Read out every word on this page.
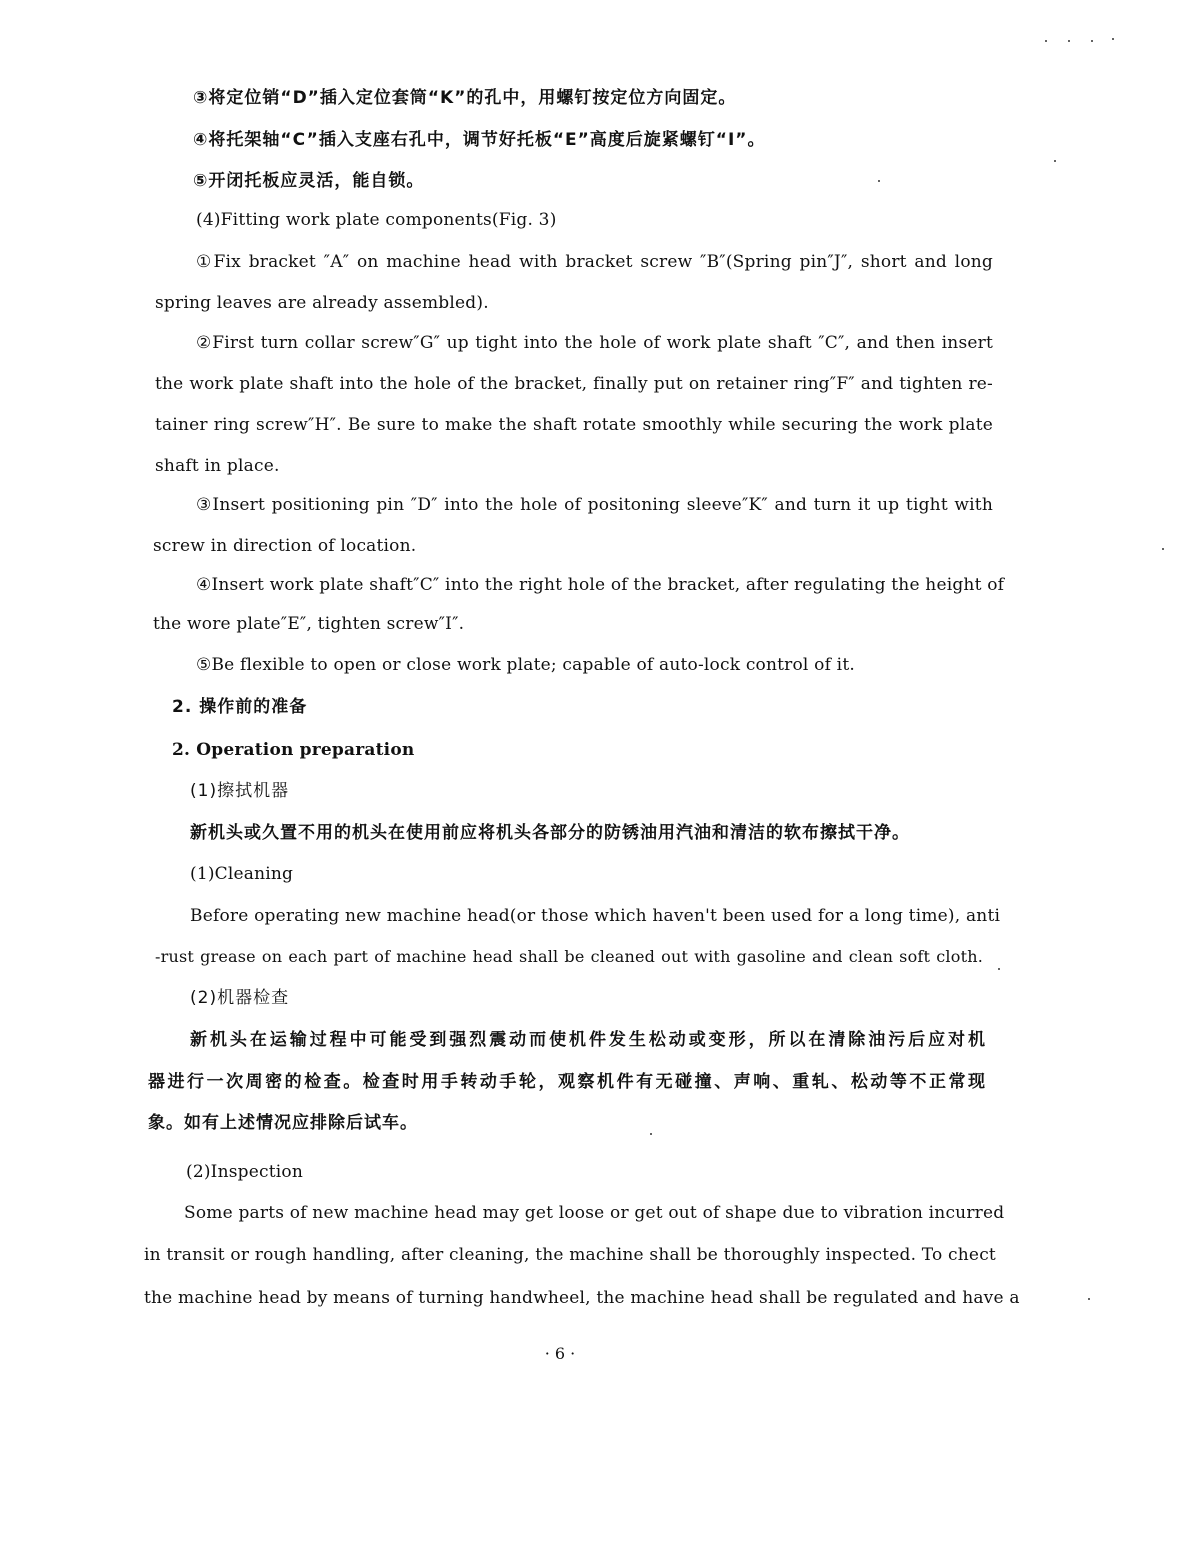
③将定位销“D”插入定位套筒“K”的孔中，用螺钉按定位方向固定。
④将托架轴“C”插入支座右孔中，调节好托板“E”高度后旋紧螺钉“I”。
⑤开闭托板应灵活，能自锁。
(4)Fitting work plate components(Fig. 3)
①Fix bracket ″A″ on machine head with bracket screw ″B″(Spring pin″J″, short and long
spring leaves are already assembled).
②First turn collar screw″G″ up tight into the hole of work plate shaft ″C″, and then insert
the work plate shaft into the hole of the bracket, finally put on retainer ring″F″ and tighten re-
tainer ring screw″H″. Be sure to make the shaft rotate smoothly while securing the work plate
shaft in place.
③Insert positioning pin ″D″ into the hole of positoning sleeve″K″ and turn it up tight with
screw in direction of location.
④Insert work plate shaft″C″ into the right hole of the bracket, after regulating the height of
the wore plate″E″, tighten screw″I″.
⑤Be flexible to open or close work plate; capable of auto-lock control of it.
2. 操作前的准备
2. Operation preparation
(1)擦拭机器
新机头或久置不用的机头在使用前应将机头各部分的防锈油用汽油和清洁的软布擦拭干净。
(1)Cleaning
Before operating new machine head(or those which haven't been used for a long time), anti
-rust grease on each part of machine head shall be cleaned out with gasoline and clean soft cloth.
(2)机器检查
新机头在运输过程中可能受到强烈震动而使机件发生松动或变形，所以在清除油污后应对机
器进行一次周密的检查。检查时用手转动手轮，观察机件有无碰撞、声响、重轧、松动等不正常现
象。如有上述情况应排除后试车。
(2)Inspection
Some parts of new machine head may get loose or get out of shape due to vibration incurred
in transit or rough handling, after cleaning, the machine shall be thoroughly inspected. To chect
the machine head by means of turning handwheel, the machine head shall be regulated and have a
· 6 ·
